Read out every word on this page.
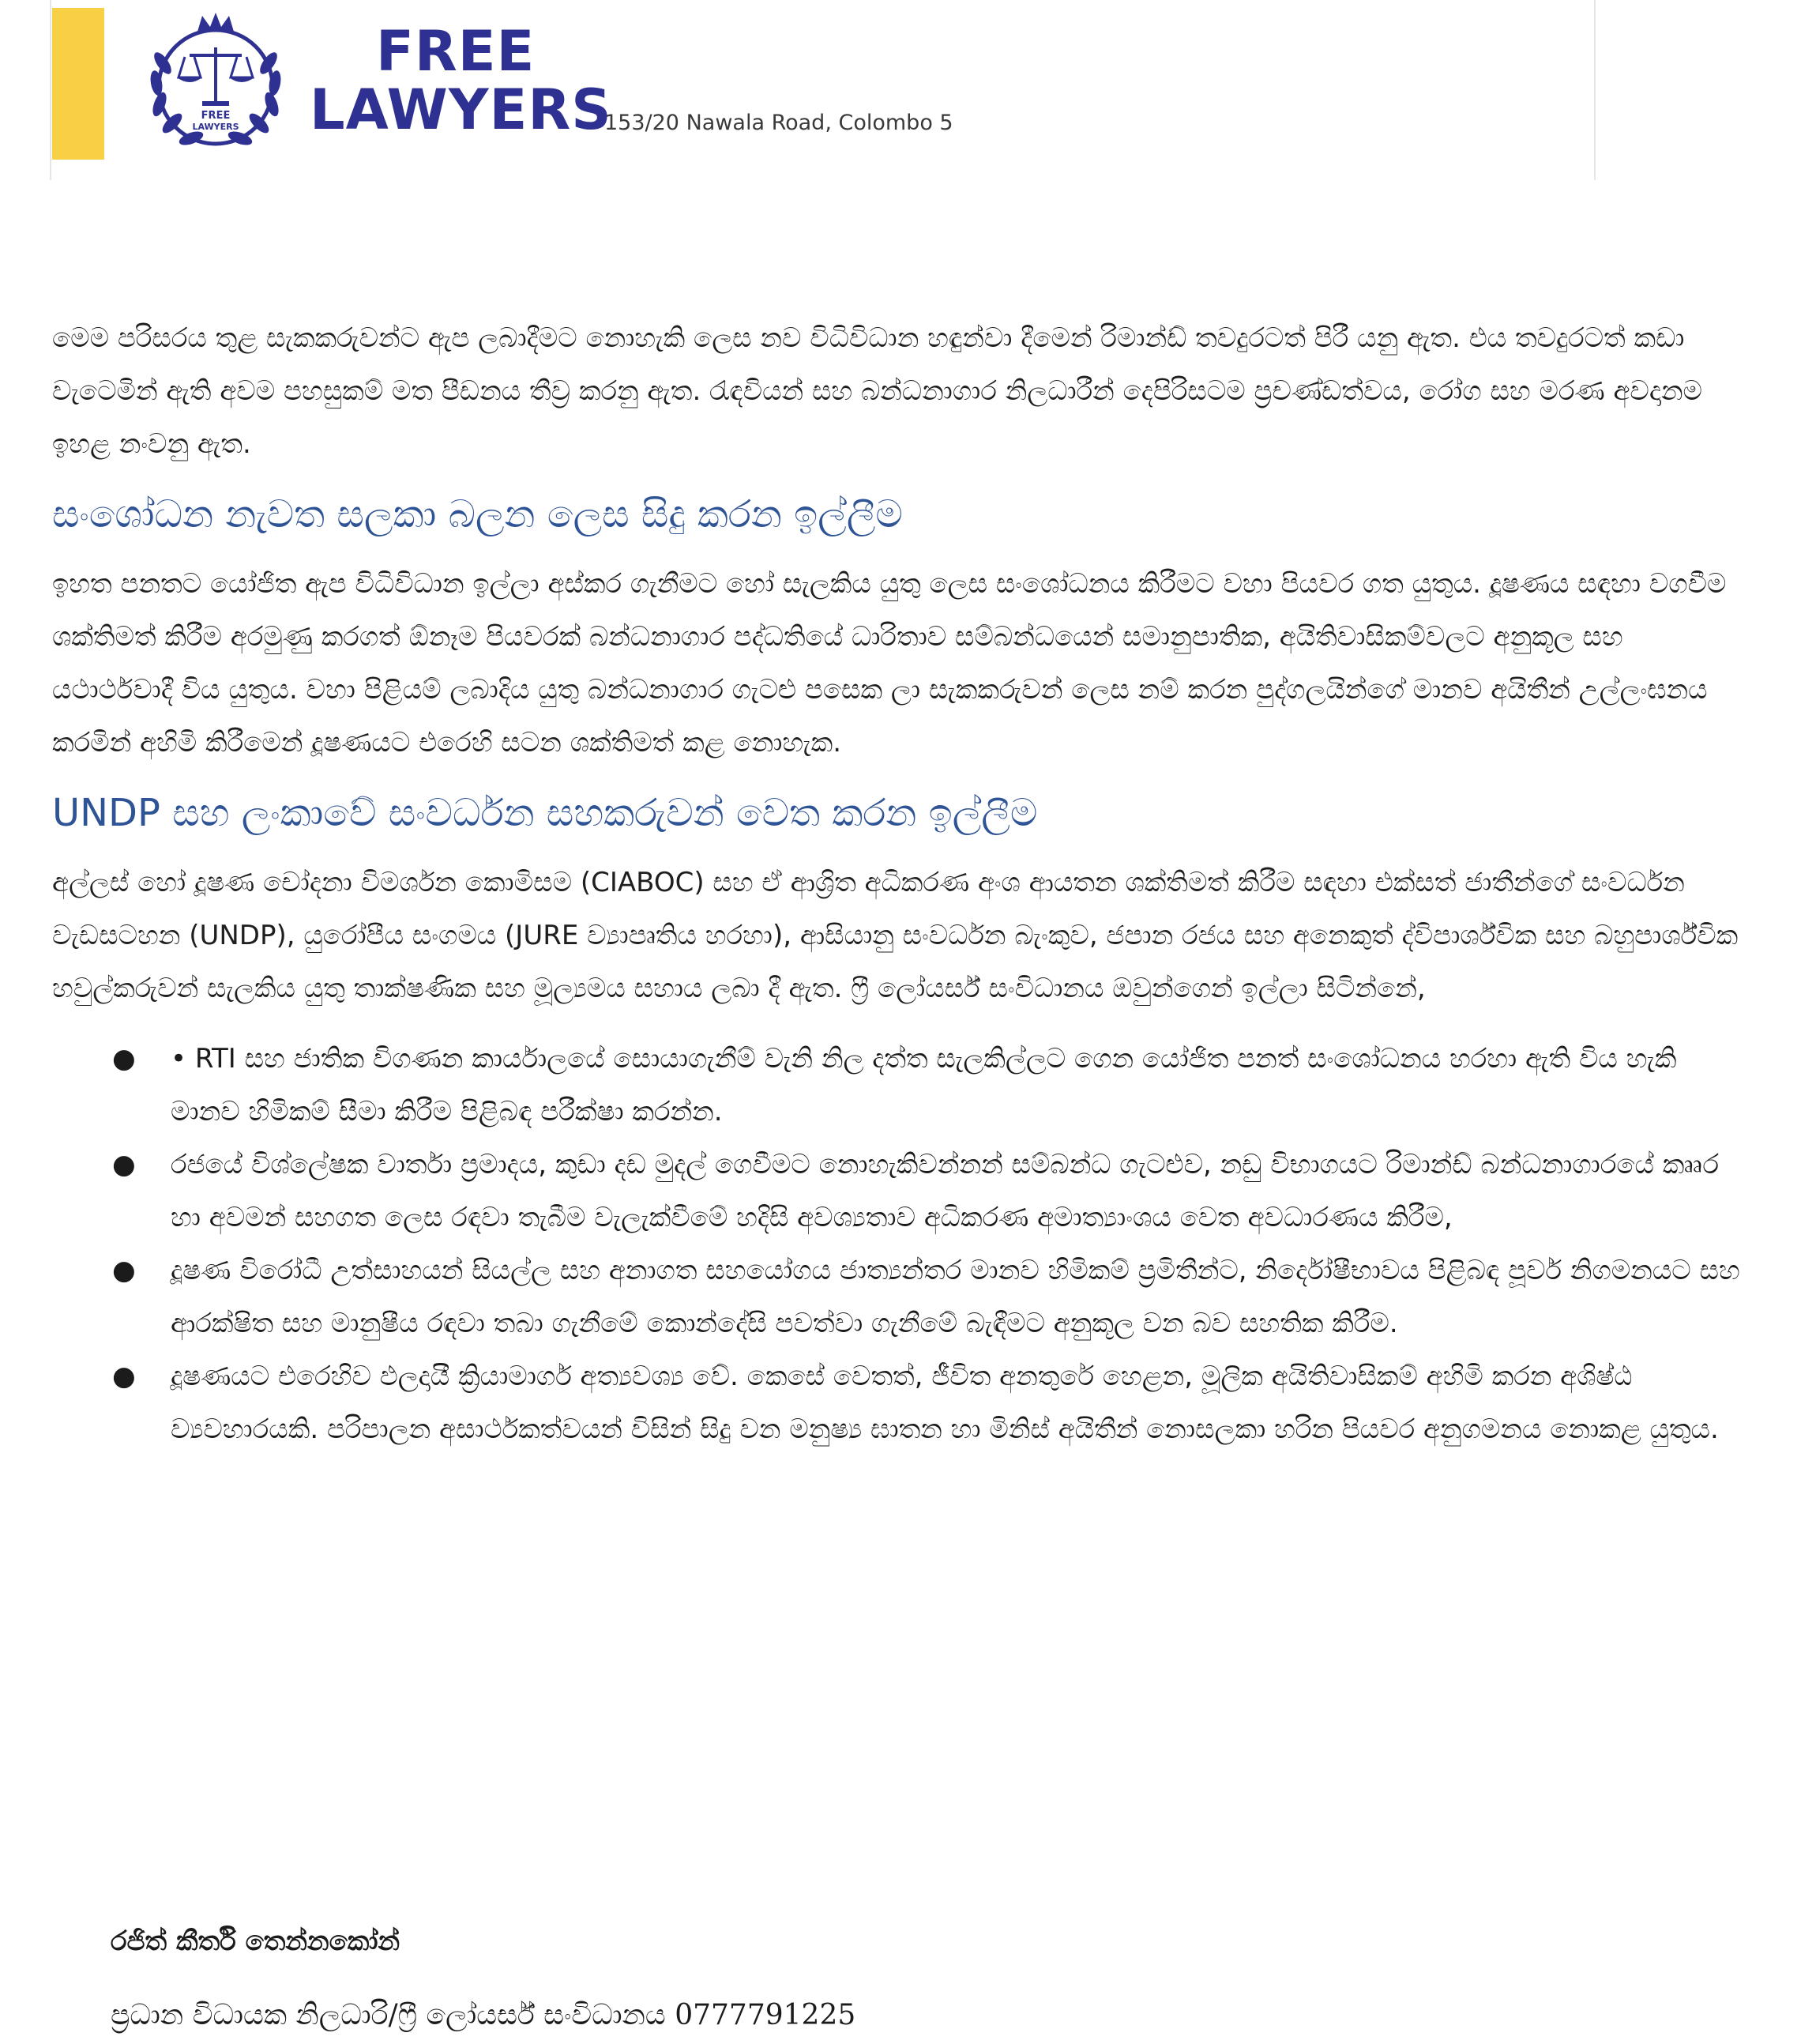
FREE
LAWYERS
FREE
LAWYERS
153/20 Nawala Road, Colombo 5

මෙම පරිසරය තුළ සැකකරුවන්ට ඇප ලබාදීමට නොහැකි ලෙස නව විධිවිධාන හඳුන්වා දීමෙන් රිමාන්ඩ් තවදුරටත් පිරී යනු ඇත. එය තවදුරටත් කඩා වැටෙමින් ඇති අවම පහසුකම් මත පීඩනය තීව්‍ර කරනු ඇත. රැඳවියන් සහ බන්ධනාගාර නිලධාරීන් දෙපිරිසටම ප්‍රචණ්ඩත්වය, රෝග සහ මරණ අවදානම ඉහළ නංවනු ඇත.

සංශෝධන නැවත සලකා බලන ලෙස සිදු කරන ඉල්ලීම

ඉහත පනතට යෝජිත ඇප විධිවිධාන ඉල්ලා අස්කර ගැනීමට හෝ සැලකිය යුතු ලෙස සංශෝධනය කිරීමට වහා පියවර ගත යුතුය. දූෂණය සඳහා වගවීම ශක්තිමත් කිරීම අරමුණු කරගත් ඕනෑම පියවරක් බන්ධනාගාර පද්ධතියේ ධාරිතාව සම්බන්ධයෙන් සමානුපාතික, අයිතිවාසිකම්වලට අනුකූල සහ යථාර්ථවාදී විය යුතුය. වහා පිළියම් ලබාදිය යුතු බන්ධනාගාර ගැටළු පසෙක ලා සැකකරුවන් ලෙස නම් කරන පුද්ගලයින්ගේ මානව අයිතීන් උල්ලංඝනය කරමින් අහිමි කිරීමෙන් දූෂණයට එරෙහි සටන ශක්තිමත් කළ නොහැක.

UNDP සහ ලංකාවේ සංවර්ධන සහකරුවන් වෙත කරන ඉල්ලීම

අල්ලස් හෝ දූෂණ චෝදනා විමර්ශන කොමිසම (CIABOC) සහ ඒ ආශ්‍රිත අධිකරණ අංශ ආයතන ශක්තිමත් කිරීම සඳහා එක්සත් ජාතීන්ගේ සංවර්ධන වැඩසටහන (UNDP), යුරෝපීය සංගමය (JURE ව්‍යාපෘතිය හරහා), ආසියානු සංවර්ධන බැංකුව, ජපාන රජය සහ අනෙකුත් ද්විපාර්ශ්වික සහ බහුපාර්ශ්වික හවුල්කරුවන් සැලකිය යුතු තාක්ෂණික සහ මූල්‍යමය සහාය ලබා දී ඇත. ෆ්‍රී ලෝයර්ස් සංවිධානය ඔවුන්ගෙන් ඉල්ලා සිටින්නේ,

● • RTI සහ ජාතික විගණන කාර්යාලයේ සොයාගැනීම් වැනි නිල දත්ත සැලකිල්ලට ගෙන යෝජිත පනත් සංශෝධනය හරහා ඇති විය හැකි මානව හිමිකම් සීමා කිරීම පිළිබඳ පරීක්ෂා කරන්න.
● රජයේ විශ්ලේෂක වාර්තා ප්‍රමාදය, කුඩා දඩ මුදල් ගෙවීමට නොහැකිවන්නන් සම්බන්ධ ගැටළුව, නඩු විභාගයට රිමාන්ඩ් බන්ධනාගාරයේ කෲර හා අවමන් සහගත ලෙස රඳවා තැබීම වැලැක්වීමේ හදිසි අවශ්‍යතාව අධිකරණ අමාත්‍යාංශය වෙත අවධාරණය කිරීම,
● දූෂණ විරෝධී උත්සාහයන් සියල්ල සහ අනාගත සහයෝගය ජාත්‍යන්තර මානව හිමිකම් ප්‍රමිතීන්ට, නිර්දෝෂීභාවය පිළිබඳ පූර්ව නිගමනයට සහ ආරක්ෂිත සහ මානුෂීය රඳවා තබා ගැනීමේ කොන්දේසි පවත්වා ගැනීමේ බැඳීමට අනුකූල වන බව සහතික කිරීම.
● දූෂණයට එරෙහිව ඵලදායී ක්‍රියාමාර්ග අත්‍යවශ්‍ය වේ. කෙසේ වෙතත්, ජීවිත අනතුරේ හෙළන, මූලික අයිතිවාසිකම් අහිමි කරන අශිෂ්ඨ ව්‍යවහාරයකි. පරිපාලන අසාර්ථකත්වයන් විසින් සිදු වන මනුෂ්‍ය ඝාතන හා මිනිස් අයිතීන් නොසලකා හරින පියවර අනුගමනය නොකළ යුතුය.
රජිත් කීර්ති තෙන්නකෝන්
ප්‍රධාන විධායක නිලධාරි/ෆ්‍රී ලෝයර්ස් සංවිධානය 0777791225
